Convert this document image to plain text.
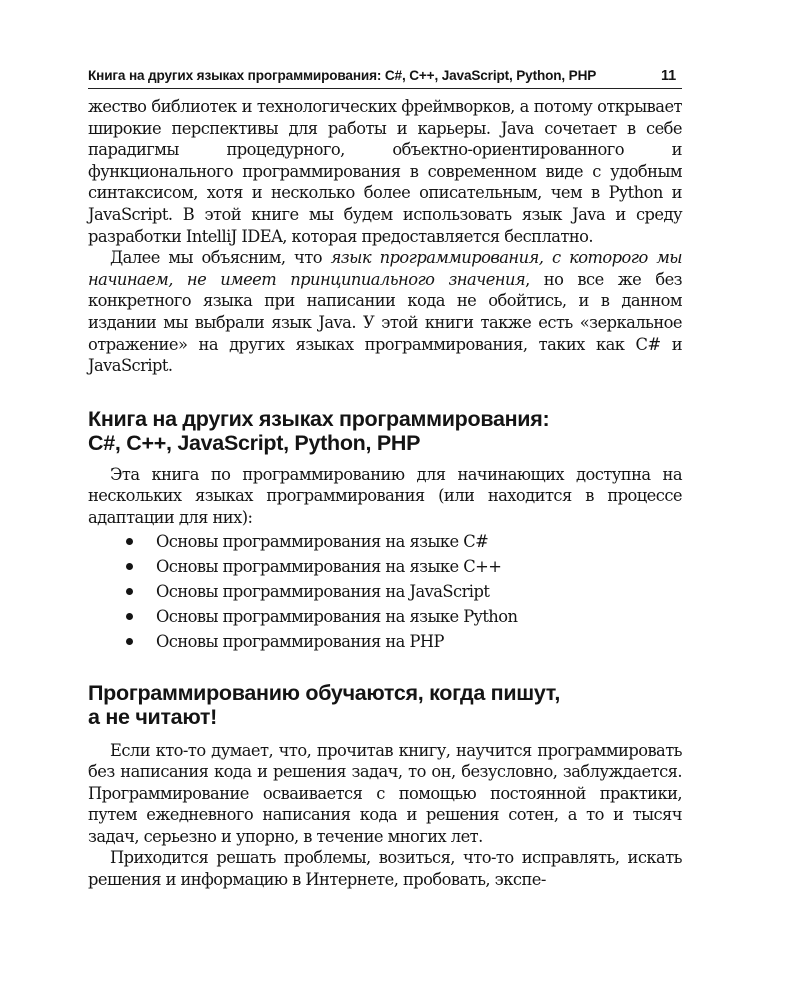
Книга на других языках программирования: C#, C++, JavaScript, Python, PHP	11

жество библиотек и технологических фреймворков, а потому открывает широкие перспективы для работы и карьеры. Java сочетает в себе парадигмы процедурного, объектно-ориентированного и функционального программирования в современном виде с удобным синтаксисом, хотя и несколько более описательным, чем в Python и JavaScript. В этой книге мы будем использовать язык Java и среду разработки IntelliJ IDEA, которая предоставляется бесплатно.

Далее мы объясним, что язык программирования, с которого мы начинаем, не имеет принципиального значения, но все же без конкретного языка при написании кода не обойтись, и в данном издании мы выбрали язык Java. У этой книги также есть «зеркальное отражение» на других языках программирования, таких как C# и JavaScript.

Книга на других языках программирования:
C#, C++, JavaScript, Python, PHP

Эта книга по программированию для начинающих доступна на нескольких языках программирования (или находится в процессе адаптации для них):

Основы программирования на языке C#
Основы программирования на языке C++
Основы программирования на JavaScript
Основы программирования на языке Python
Основы программирования на PHP
Программированию обучаются, когда пишут,
а не читают!

Если кто-то думает, что, прочитав книгу, научится программировать без написания кода и решения задач, то он, безусловно, заблуждается. Программирование осваивается с помощью постоянной практики, путем ежедневного написания кода и решения сотен, а то и тысяч задач, серьезно и упорно, в течение многих лет.

Приходится решать проблемы, возиться, что-то исправлять, искать решения и информацию в Интернете, пробовать, экспе-
